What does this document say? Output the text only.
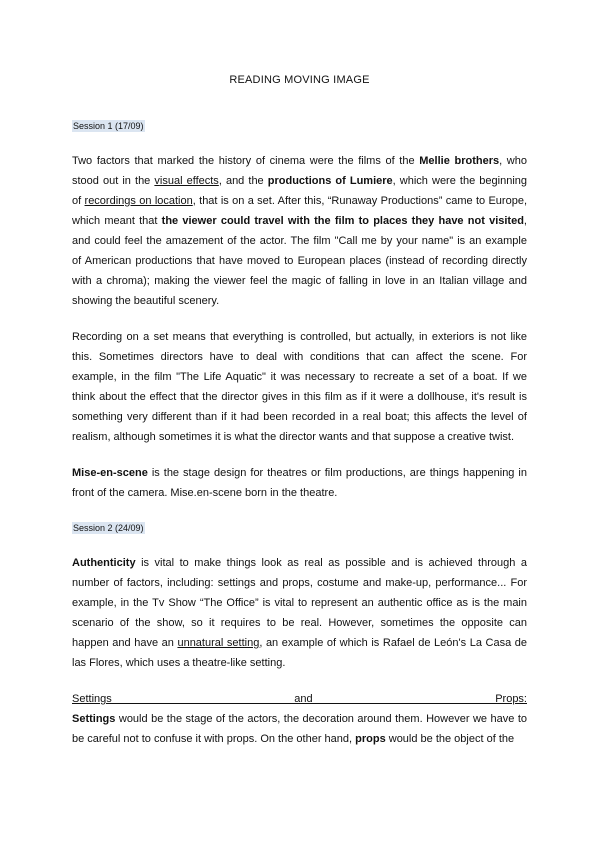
READING MOVING IMAGE
Session 1 (17/09)
Two factors that marked the history of cinema were the films of the Mellie brothers, who
stood out in the visual effects, and the productions of Lumiere, which were the beginning
of recordings on location, that is on a set. After this, “Runaway Productions” came to Europe,
which meant that the viewer could travel with the film to places they have not visited,
and could feel the amazement of the actor. The film "Call me by your name" is an example
of American productions that have moved to European places (instead of recording directly
with a chroma); making the viewer feel the magic of falling in love in an Italian village and
showing the beautiful scenery.
Recording on a set means that everything is controlled, but actually, in exteriors is not like
this. Sometimes directors have to deal with conditions that can affect the scene. For
example, in the film "The Life Aquatic" it was necessary to recreate a set of a boat. If we
think about the effect that the director gives in this film as if it were a dollhouse, it's result is
something very different than if it had been recorded in a real boat; this affects the level of
realism, although sometimes it is what the director wants and that suppose a creative twist.
Mise-en-scene is the stage design for theatres or film productions, are things happening in
front of the camera. Mise.en-scene born in the theatre.
Session 2 (24/09)
Authenticity is vital to make things look as real as possible and is achieved through a
number of factors, including: settings and props, costume and make-up, performance... For
example, in the Tv Show “The Office” is vital to represent an authentic office as is the main
scenario of the show, so it requires to be real. However, sometimes the opposite can
happen and have an unnatural setting, an example of which is Rafael de León's La Casa de
las Flores, which uses a theatre-like setting.
Settings and Props:
Settings would be the stage of the actors, the decoration around them. However we have to
be careful not to confuse it with props. On the other hand, props would be the object of the
